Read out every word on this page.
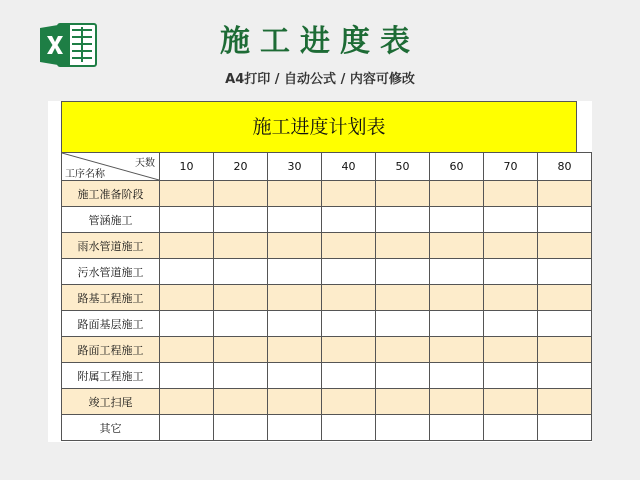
施工进度表
A4打印 / 自动公式 / 内容可修改
施工进度计划表
天数
工序名称	10	20	30	40	50	60	70	80
施工准备阶段								
管涵施工								
雨水管道施工								
污水管道施工								
路基工程施工								
路面基层施工								
路面工程施工								
附属工程施工								
竣工扫尾								
其它								
